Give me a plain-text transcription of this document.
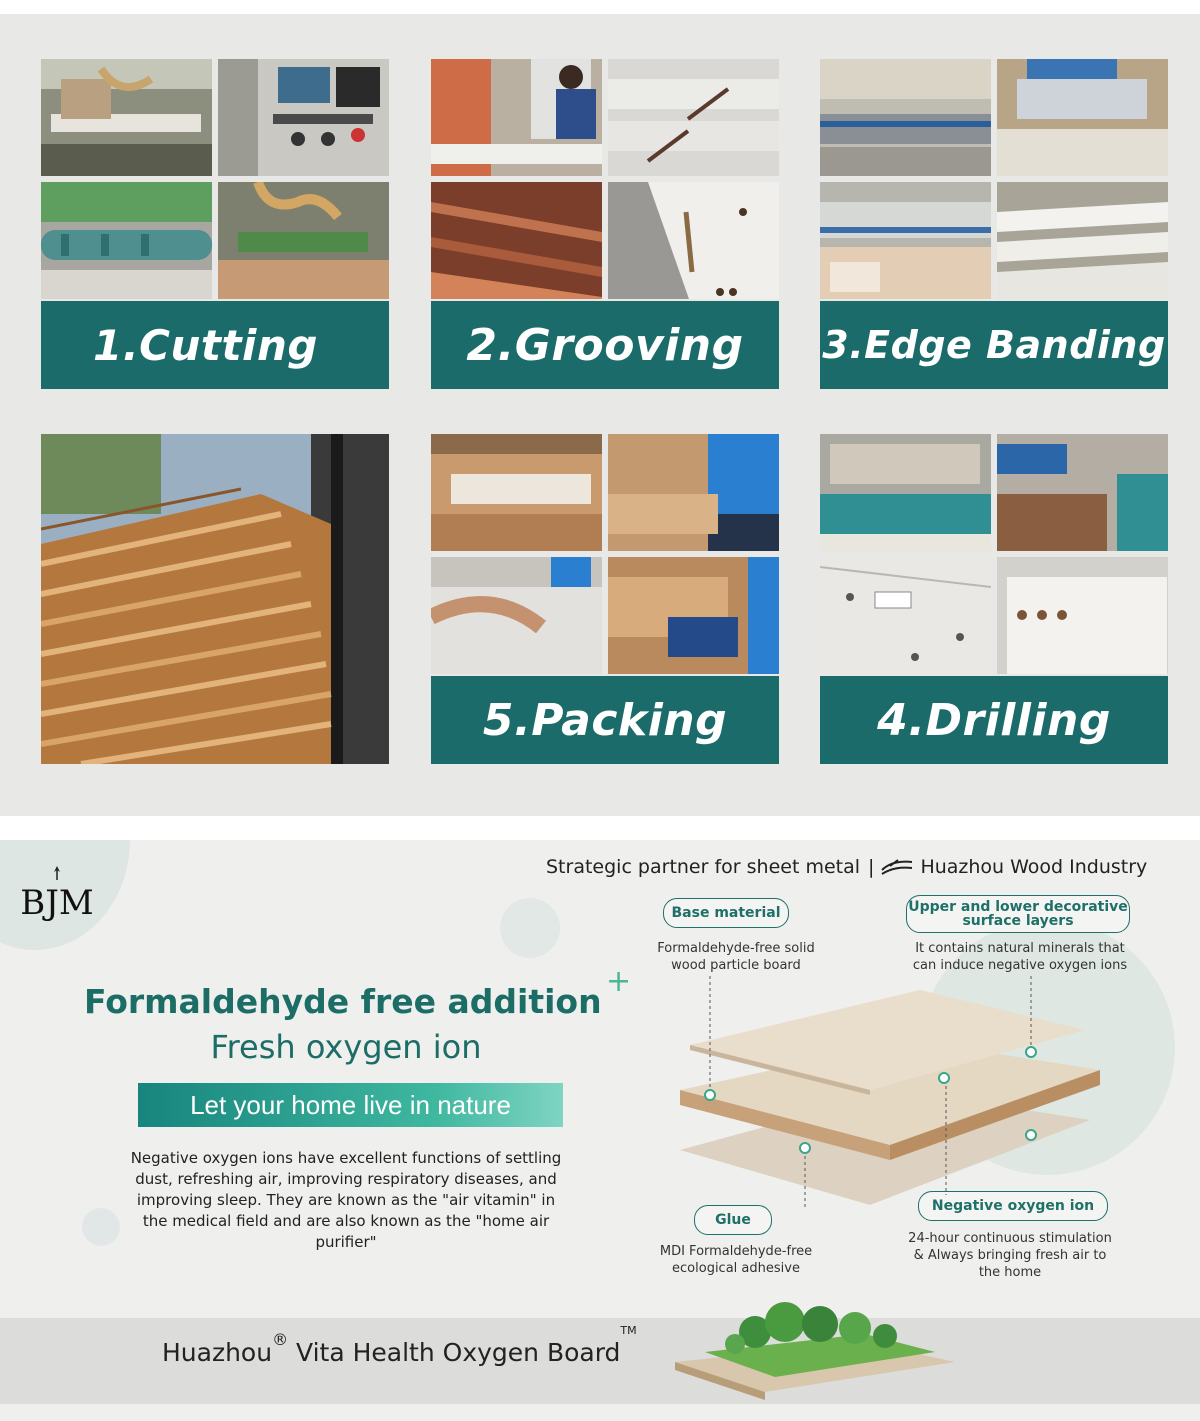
1.Cutting	2.Grooving	3.Edge Banding
5.Packing	4.Drilling
BJM
Strategic partner for sheet metal | Huazhou Wood Industry
Formaldehyde free addition
+
Fresh oxygen ion
Let your home live in nature
Negative oxygen ions have excellent functions of settling dust, refreshing air, improving respiratory diseases, and improving sleep. They are known as the "air vitamin" in the medical field and are also known as the "home air purifier"
Base material
Formaldehyde-free solid wood particle board
Upper and lower decorative surface layers
It contains natural minerals that can induce negative oxygen ions
Glue
MDI Formaldehyde-free ecological adhesive
Negative oxygen ion
24-hour continuous stimulation & Always bringing fresh air to the home
Huazhou® Vita Health Oxygen Board™
